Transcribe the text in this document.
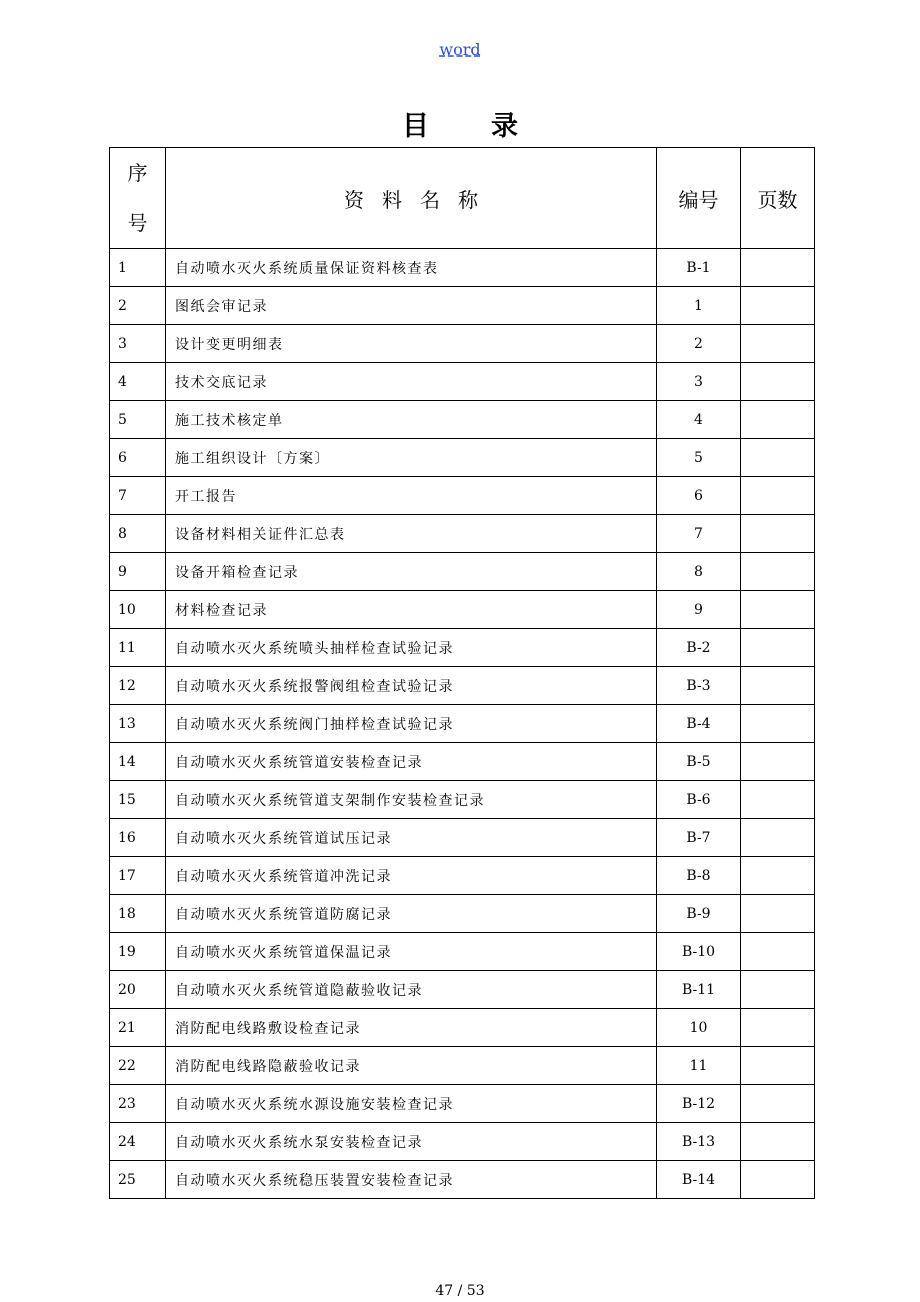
word
目录
序
号	资料名称	编号	页数
1	自动喷水灭火系统质量保证资料核查表	B-1	
2	图纸会审记录	1	
3	设计变更明细表	2	
4	技术交底记录	3	
5	施工技术核定单	4	
6	施工组织设计〔方案〕	5	
7	开工报告	6	
8	设备材料相关证件汇总表	7	
9	设备开箱检查记录	8	
10	材料检查记录	9	
11	自动喷水灭火系统喷头抽样检查试验记录	B-2	
12	自动喷水灭火系统报警阀组检查试验记录	B-3	
13	自动喷水灭火系统阀门抽样检查试验记录	B-4	
14	自动喷水灭火系统管道安装检查记录	B-5	
15	自动喷水灭火系统管道支架制作安装检查记录	B-6	
16	自动喷水灭火系统管道试压记录	B-7	
17	自动喷水灭火系统管道冲洗记录	B-8	
18	自动喷水灭火系统管道防腐记录	B-9	
19	自动喷水灭火系统管道保温记录	B-10	
20	自动喷水灭火系统管道隐蔽验收记录	B-11	
21	消防配电线路敷设检查记录	10	
22	消防配电线路隐蔽验收记录	11	
23	自动喷水灭火系统水源设施安装检查记录	B-12	
24	自动喷水灭火系统水泵安装检查记录	B-13	
25	自动喷水灭火系统稳压装置安装检查记录	B-14	
47 / 53
